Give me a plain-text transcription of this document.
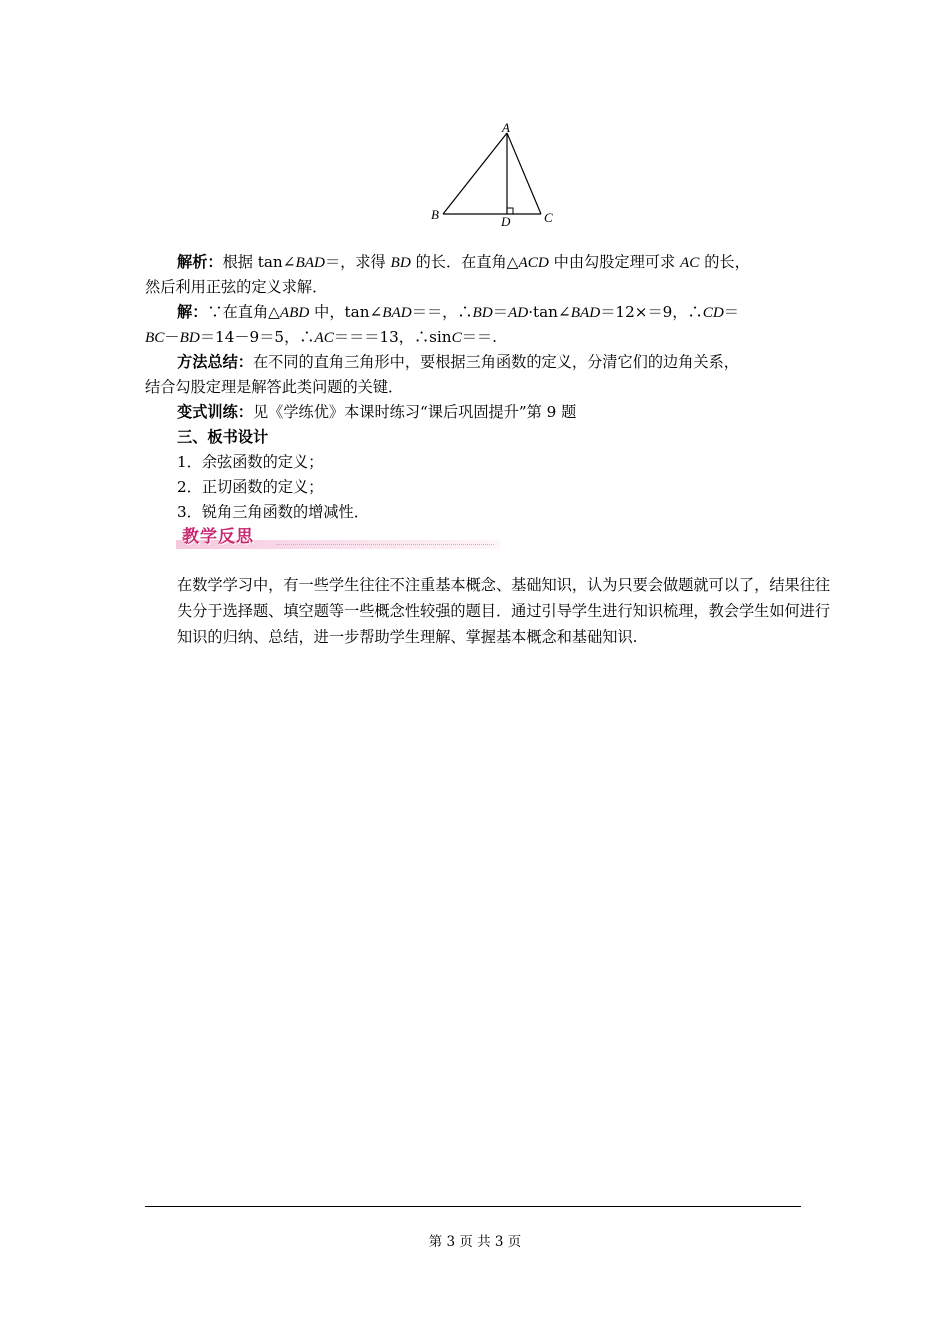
A
B	C
D
解析：根据 tan∠BAD＝，求得 BD 的长．在直角△ACD 中由勾股定理可求 AC 的长，
然后利用正弦的定义求解．
解：∵在直角△ABD 中，tan∠BAD＝＝，∴BD＝AD·tan∠BAD＝12×＝9，∴CD＝
BC－BD＝14－9＝5，∴AC＝＝＝13，∴sinC＝＝.
方法总结：在不同的直角三角形中，要根据三角函数的定义，分清它们的边角关系，
结合勾股定理是解答此类问题的关键．
变式训练：见《学练优》本课时练习“课后巩固提升”第 9 题
三、板书设计
1．余弦函数的定义；
2．正切函数的定义；
3．锐角三角函数的增减性．
教学反思
在数学学习中，有一些学生往往不注重基本概念、基础知识，认为只要会做题就可以了，结果往往失分于选择题、填空题等一些概念性较强的题目．通过引导学生进行知识梳理，教会学生如何进行知识的归纳、总结，进一步帮助学生理解、掌握基本概念和基础知识.
第 3 页 共 3 页
